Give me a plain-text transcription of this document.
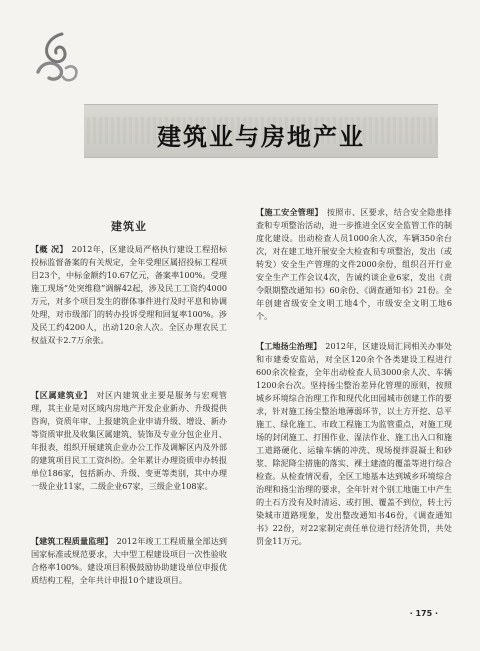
建筑业与房地产业
建筑业

【概 况】 2012年，区建设局严格执行建设工程招标投标监督备案的有关规定，全年受理区属招投标工程项目23个，中标金额约10.67亿元，备案率100%。受理施工现场“处突维稳”调解42起，涉及民工工资约4000万元，对多个项目发生的群体事件进行及时平息和协调处理，对市级部门的转办投诉受理和回复率100%。涉及民工约4200人，出动120余人次。全区办理农民工权益双卡2.7万余张。

【区属建筑业】 对区内建筑业主要是服务与宏观管理，其主业是对区域内房地产开发企业新办、升级提供咨询，资质年审、上报建筑企业申请升级、增设、新办等资质审批及收集区属建筑、装饰及专业分包企业月、年报表，组织开展建筑企业办公工作及调解区内及外部的建筑项目民工工资纠纷。全年累计办理资质申办转报单位186家，包括新办、升级、变更等类别，其中办理一级企业11家，二级企业67家，三级企业108家。

【建筑工程质量监理】 2012年竣工工程质量全部达到国家标准或规范要求，大中型工程建设项目一次性验收合格率100%。建设项目积极鼓励协助建设单位申报优质结构工程，全年共计申报10个建设项目。

【施工安全管理】 按照市、区要求，结合安全隐患排查和专项整治活动，进一步推进全区安全监管工作的制度化建设。出动检查人员1000余人次，车辆350余台次，对在建工地开展安全大检查和专项整治，发出（或转发）安全生产管理的文件2000余份，组织召开行业安全生产工作会议4次，告诫约谈企业6家，发出《责令限期整改通知书》60余份、《调查通知书》21份。全年创建省级安全文明工地4个，市级安全文明工地6个。

【工地扬尘治理】 2012年，区建设局汇同相关办事处和市建委安监站，对全区120余个各类建设工程进行600余次检查，全年出动检查人员3000余人次、车辆1200余台次。坚持扬尘整治差异化管理的原则，按照城乡环境综合治理工作和现代化田园城市创建工作的要求，针对施工扬尘整治地薄弱环节，以土方开挖、总平施工、绿化施工、市政工程施工为监管重点，对施工现场的封闭施工、打围作业、湿法作业、施工出入口和施工道路硬化、运输车辆的冲洗、现场搅拌混凝土和砂浆、除泥降尘措施的落实、裸土建渣的覆盖等进行综合检查。从检查情况看，全区工地基本达到城乡环境综合治理和扬尘治理的要求，全年针对个别工地施工中产生的土石方没有及时清运、或打围、覆盖不到位，转土污染城市道路现象，发出整改通知书46份，《调查通知书》22份，对22家制定责任单位进行经济处罚，共处罚金11万元。

· 175 ·
